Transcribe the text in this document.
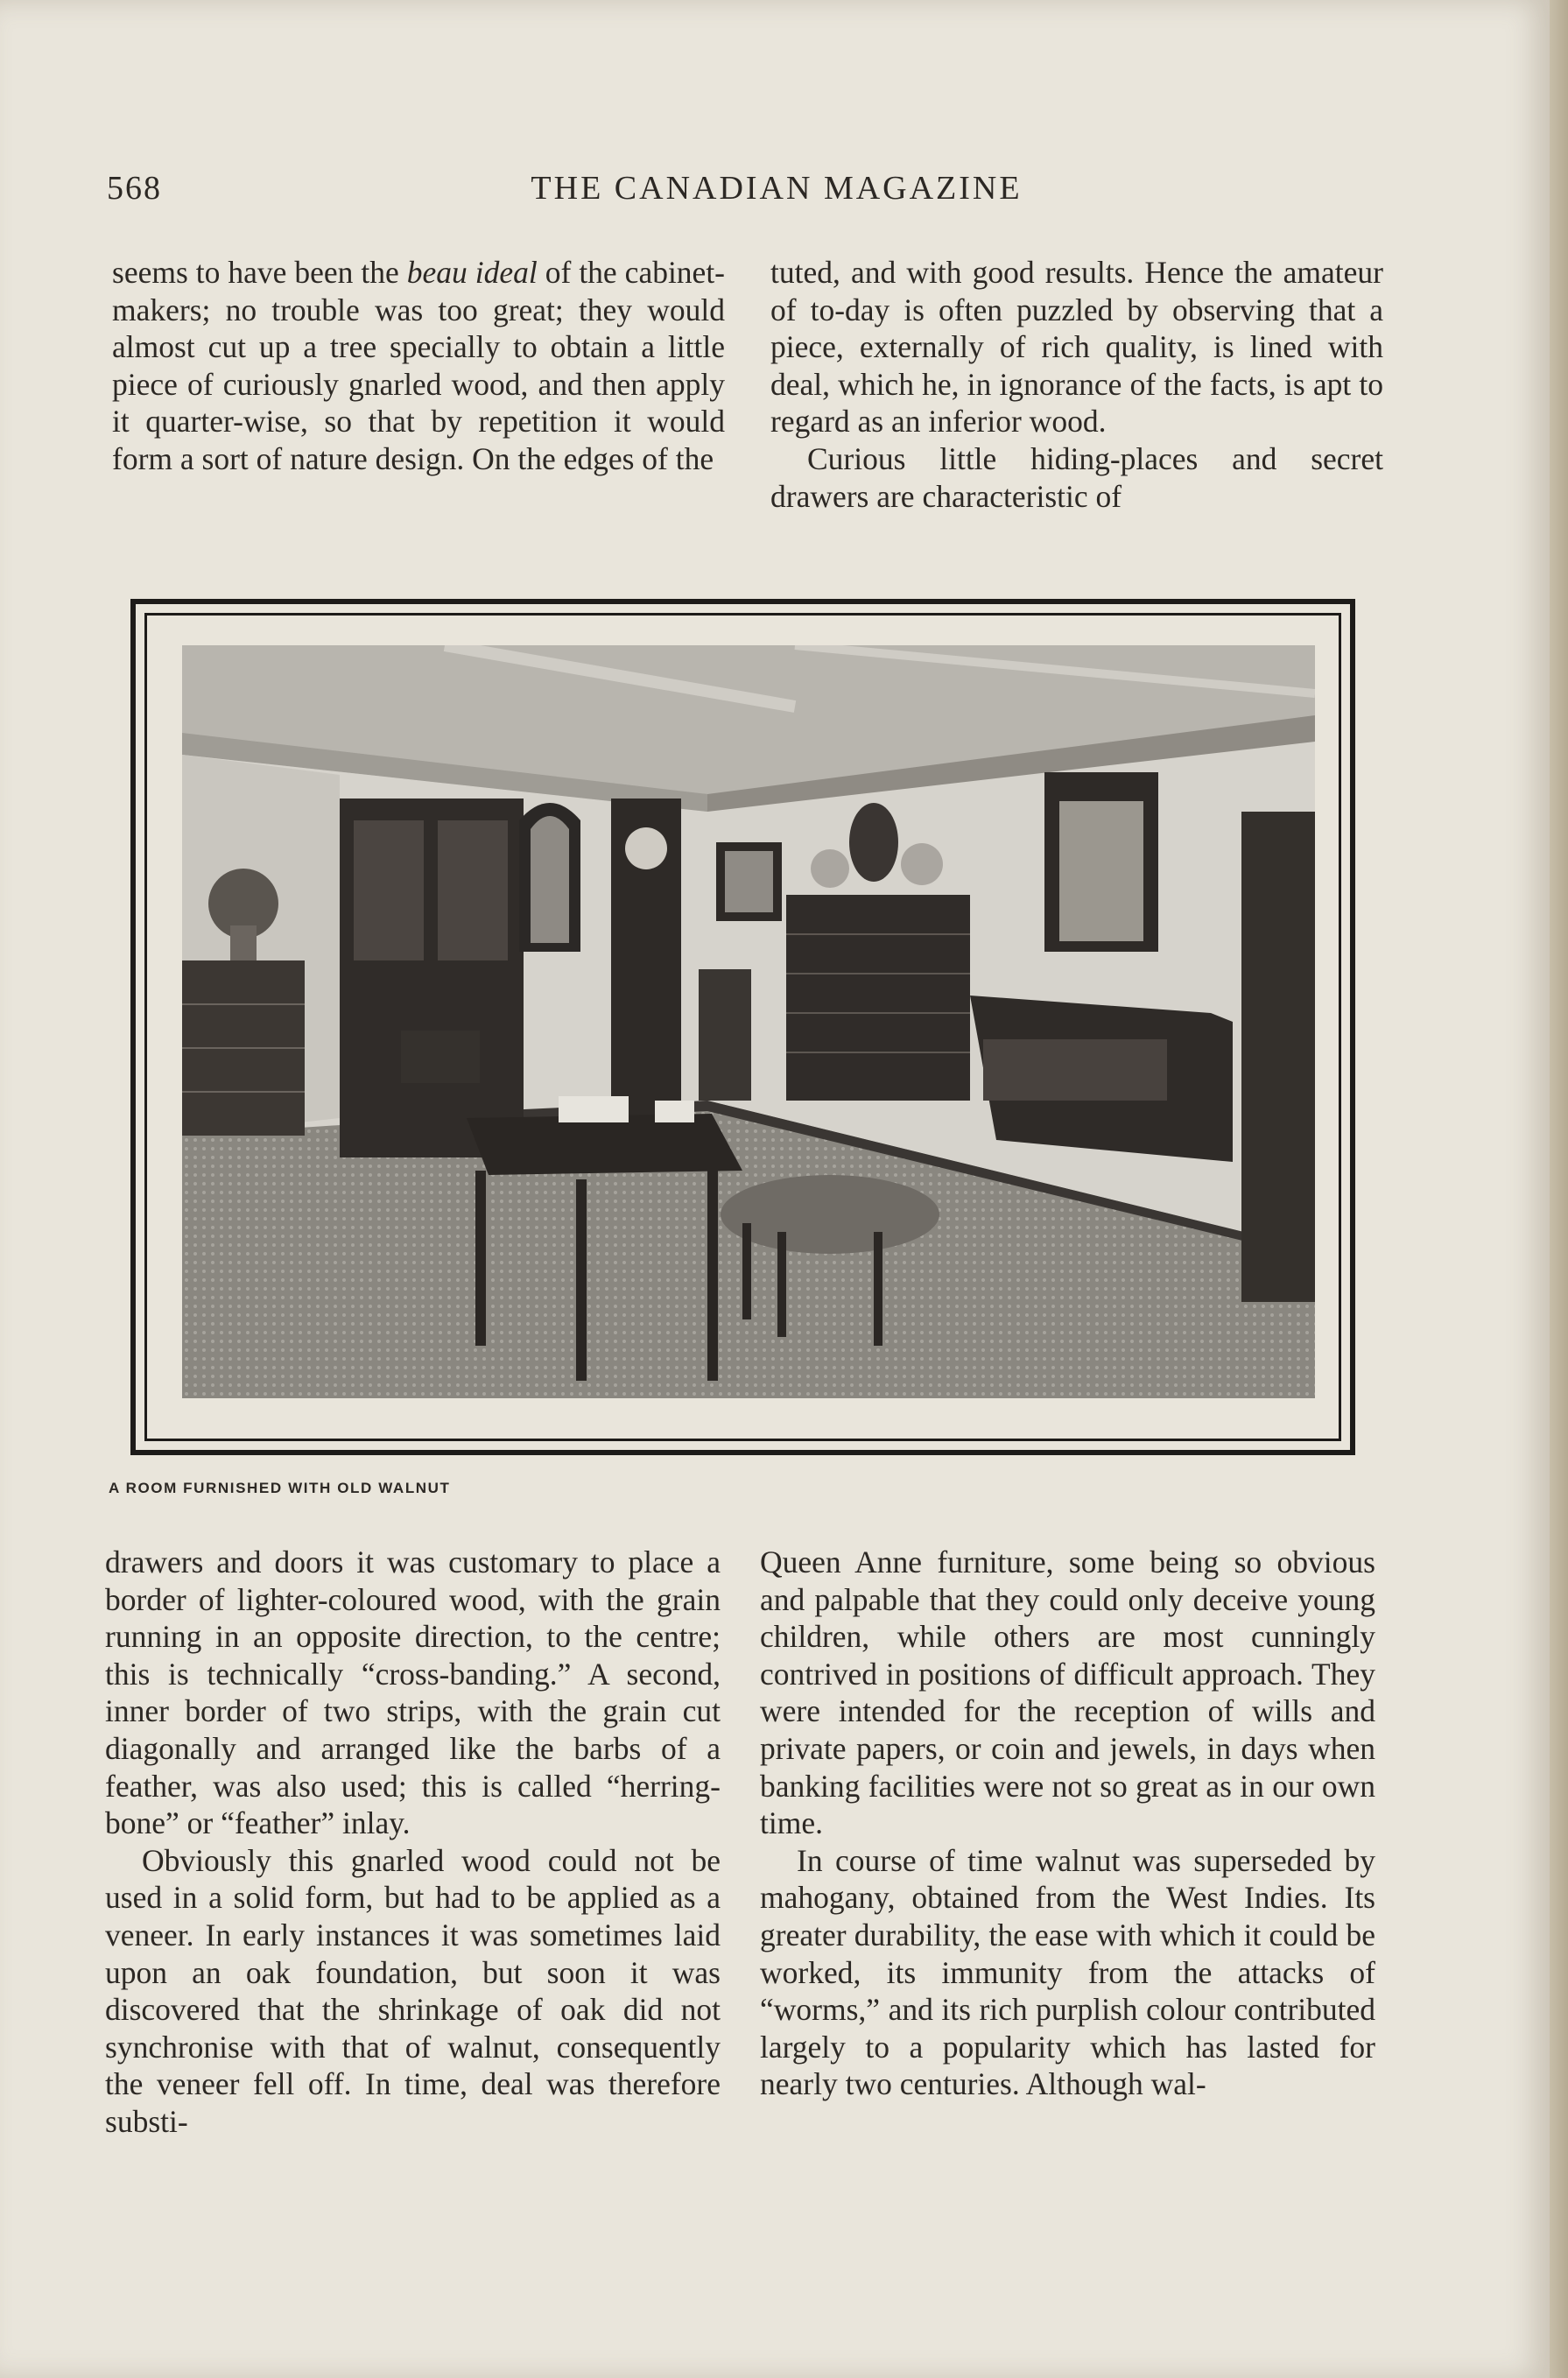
568	THE CANADIAN MAGAZINE

seems to have been the beau ideal of the cabinet-makers; no trouble was too great; they would almost cut up a tree specially to obtain a little piece of curiously gnarled wood, and then apply it quarter-wise, so that by repetition it would form a sort of nature design. On the edges of the

tuted, and with good results. Hence the amateur of to-day is often puzzled by observing that a piece, externally of rich quality, is lined with deal, which he, in ignorance of the facts, is apt to regard as an inferior wood.

Curious little hiding-places and secret drawers are characteristic of

A ROOM FURNISHED WITH OLD WALNUT

drawers and doors it was customary to place a border of lighter-coloured wood, with the grain running in an opposite direction, to the centre; this is technically “cross-banding.” A second, inner border of two strips, with the grain cut diagonally and arranged like the barbs of a feather, was also used; this is called “herring-bone” or “feather” inlay.

Obviously this gnarled wood could not be used in a solid form, but had to be applied as a veneer. In early instances it was sometimes laid upon an oak foundation, but soon it was discovered that the shrinkage of oak did not synchronise with that of walnut, consequently the veneer fell off. In time, deal was therefore substi-

Queen Anne furniture, some being so obvious and palpable that they could only deceive young children, while others are most cunningly contrived in positions of difficult approach. They were intended for the reception of wills and private papers, or coin and jewels, in days when banking facilities were not so great as in our own time.

In course of time walnut was superseded by mahogany, obtained from the West Indies. Its greater durability, the ease with which it could be worked, its immunity from the attacks of “worms,” and its rich purplish colour contributed largely to a popularity which has lasted for nearly two centuries. Although wal-
